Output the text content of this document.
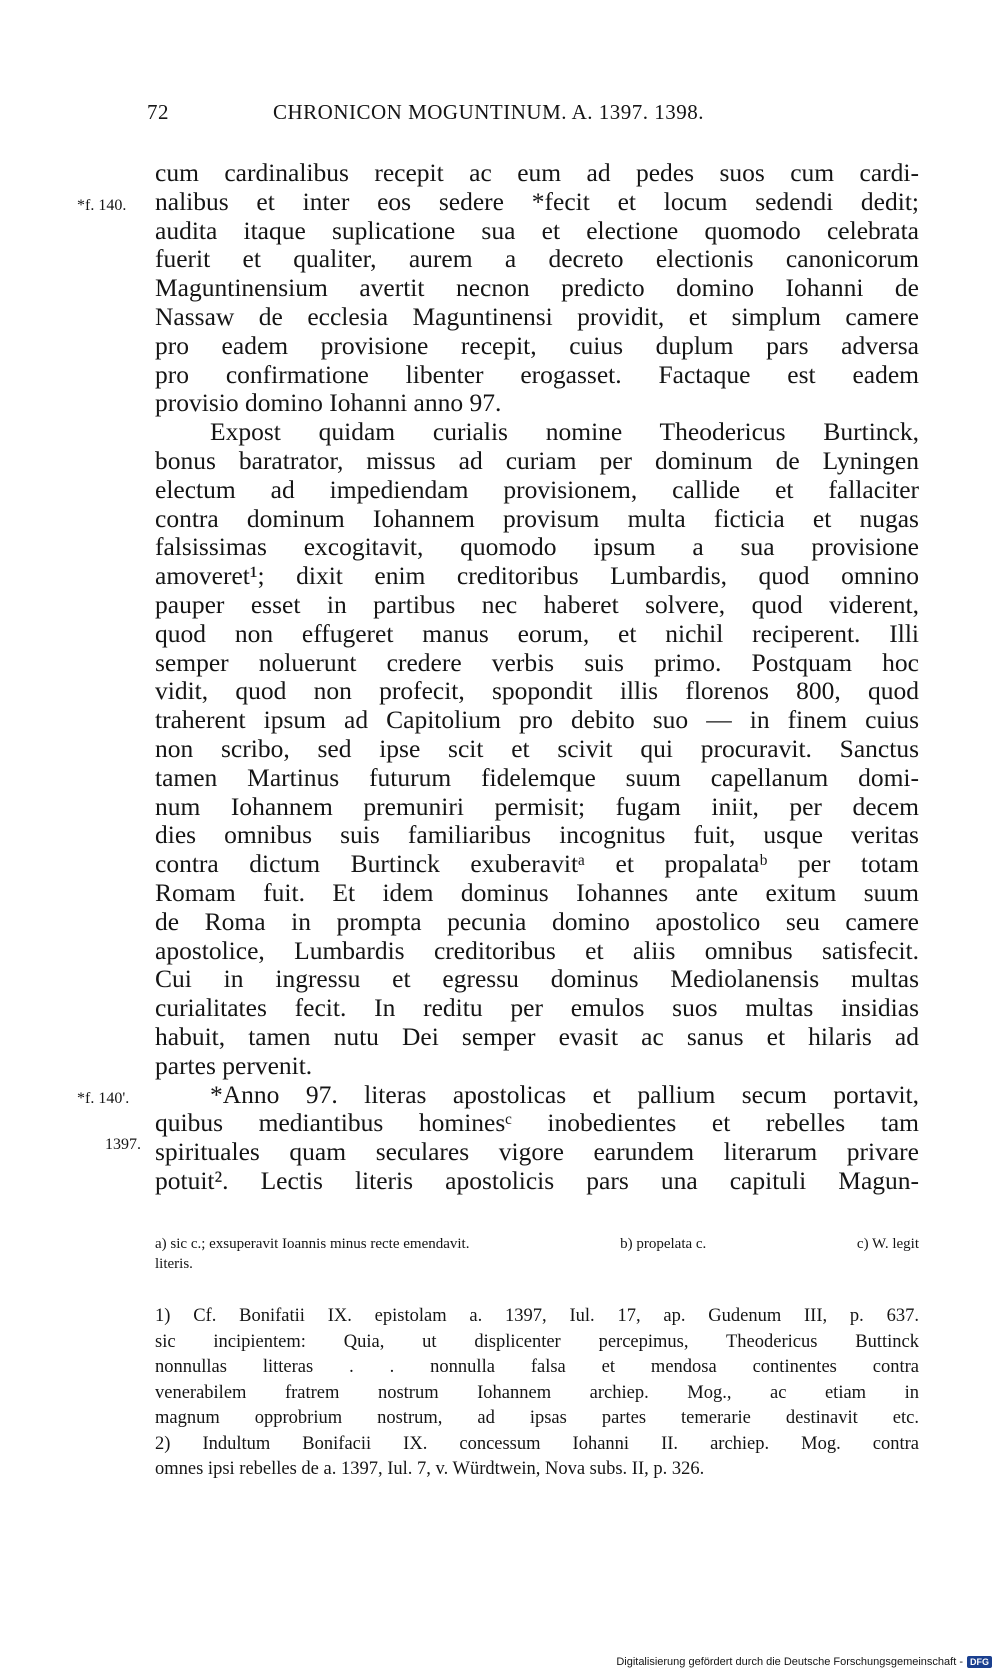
72	CHRONICON MOGUNTINUM. A. 1397. 1398.
cum cardinalibus recepit ac eum ad pedes suos cum cardi-
*f. 140. nalibus et inter eos sedere *fecit et locum sedendi dedit;
audita itaque suplicatione sua et electione quomodo celebrata
fuerit et qualiter, aurem a decreto electionis canonicorum
Maguntinensium avertit necnon predicto domino Iohanni de
Nassaw de ecclesia Maguntinensi providit, et simplum camere
pro eadem provisione recepit, cuius duplum pars adversa
pro confirmatione libenter erogasset. Factaque est eadem
provisio domino Iohanni anno 97.
Expost quidam curialis nomine Theodericus Burtinck,
bonus baratrator, missus ad curiam per dominum de Lyningen
electum ad impediendam provisionem, callide et fallaciter
contra dominum Iohannem provisum multa ficticia et nugas
falsissimas excogitavit, quomodo ipsum a sua provisione
amoveret¹; dixit enim creditoribus Lumbardis, quod omnino
pauper esset in partibus nec haberet solvere, quod viderent,
quod non effugeret manus eorum, et nichil reciperent. Illi
semper noluerunt credere verbis suis primo. Postquam hoc
vidit, quod non profecit, spopondit illis florenos 800, quod
traherent ipsum ad Capitolium pro debito suo — in finem cuius
non scribo, sed ipse scit et scivit qui procuravit. Sanctus
tamen Martinus futurum fidelemque suum capellanum domi-
num Iohannem premuniri permisit; fugam iniit, per decem
dies omnibus suis familiaribus incognitus fuit, usque veritas
contra dictum Burtinck exuberavitᵃ et propalataᵇ per totam
Romam fuit. Et idem dominus Iohannes ante exitum suum
de Roma in prompta pecunia domino apostolico seu camere
apostolice, Lumbardis creditoribus et aliis omnibus satisfecit.
Cui in ingressu et egressu dominus Mediolanensis multas
curialitates fecit. In reditu per emulos suos multas insidias
habuit, tamen nutu Dei semper evasit ac sanus et hilaris ad
partes pervenit.
*f. 140'.	*Anno 97. literas apostolicas et pallium secum portavit,
1397.
quibus mediantibus hominesᶜ inobedientes et rebelles tam
spirituales quam seculares vigore earundem literarum privare
potuit². Lectis literis apostolicis pars una capituli Magun-
a) sic c.; exsuperavit Ioannis minus recte emendavit.	b) propelata c.	c) W. legit
literis.
1) Cf. Bonifatii IX. epistolam a. 1397, Iul. 17, ap. Gudenum III, p. 637.
sic incipientem: Quia, ut displicenter percepimus, Theodericus Buttinck
nonnullas litteras . . nonnulla falsa et mendosa continentes contra
venerabilem fratrem nostrum Iohannem archiep. Mog., ac etiam in
magnum opprobrium nostrum, ad ipsas partes temerarie destinavit etc.
2) Indultum Bonifacii IX. concessum Iohanni II. archiep. Mog. contra
omnes ipsi rebelles de a. 1397, Iul. 7, v. Würdtwein, Nova subs. II, p. 326.
Digitalisierung gefördert durch die Deutsche Forschungsgemeinschaft - DFG
